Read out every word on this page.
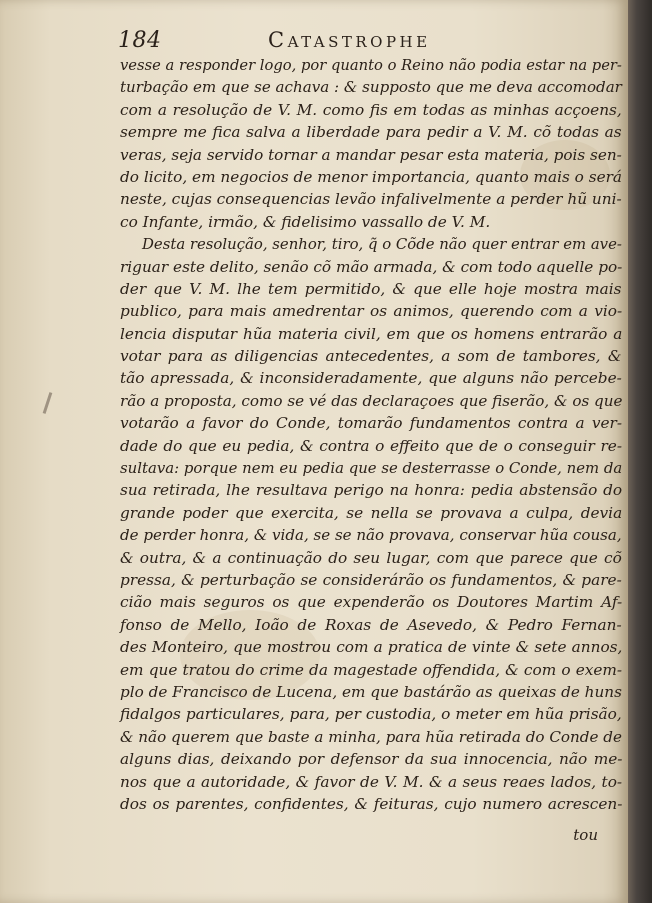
184	Catastrophe
vesse a responder logo, por quanto o Reino não podia estar na per-
turbação em que se achava : & supposto que me deva accomodar
com a resolução de V. M. como fis em todas as minhas acçoens,
sempre me fica salva a liberdade para pedir a V. M. cõ todas as
veras, seja servido tornar a mandar pesar esta materia, pois sen-
do licito, em negocios de menor importancia, quanto mais o será
neste, cujas consequencias levão infalivelmente a perder hũ uni-
co Infante, irmão, & fidelisimo vassallo de V. M.
Desta resolução, senhor, tiro, q̃ o Cõde não quer entrar em ave-
riguar este delito, senão cõ mão armada, & com todo aquelle po-
der que V. M. lhe tem permitido, & que elle hoje mostra mais
publico, para mais amedrentar os animos, querendo com a vio-
lencia disputar hũa materia civil, em que os homens entrarão a
votar para as diligencias antecedentes, a som de tambores, &
tão apressada, & inconsideradamente, que alguns não percebe-
rão a proposta, como se vé das declaraçoes que fiserão, & os que
votarão a favor do Conde, tomarão fundamentos contra a ver-
dade do que eu pedia, & contra o effeito que de o conseguir re-
sultava: porque nem eu pedia que se desterrasse o Conde, nem da
sua retirada, lhe resultava perigo na honra: pedia abstensão do
grande poder que exercita, se nella se provava a culpa, devia
de perder honra, & vida, se se não provava, conservar hũa cousa,
& outra, & a continuação do seu lugar, com que parece que cõ
pressa, & perturbação se considerárão os fundamentos, & pare-
cião mais seguros os que expenderão os Doutores Martim Af-
fonso de Mello, Ioão de Roxas de Asevedo, & Pedro Fernan-
des Monteiro, que mostrou com a pratica de vinte & sete annos,
em que tratou do crime da magestade offendida, & com o exem-
plo de Francisco de Lucena, em que bastárão as queixas de huns
fidalgos particulares, para, per custodia, o meter em hũa prisão,
& não querem que baste a minha, para hũa retirada do Conde de
alguns dias, deixando por defensor da sua innocencia, não me-
nos que a autoridade, & favor de V. M. & a seus reaes lados, to-
dos os parentes, confidentes, & feituras, cujo numero acrescen-
tou
